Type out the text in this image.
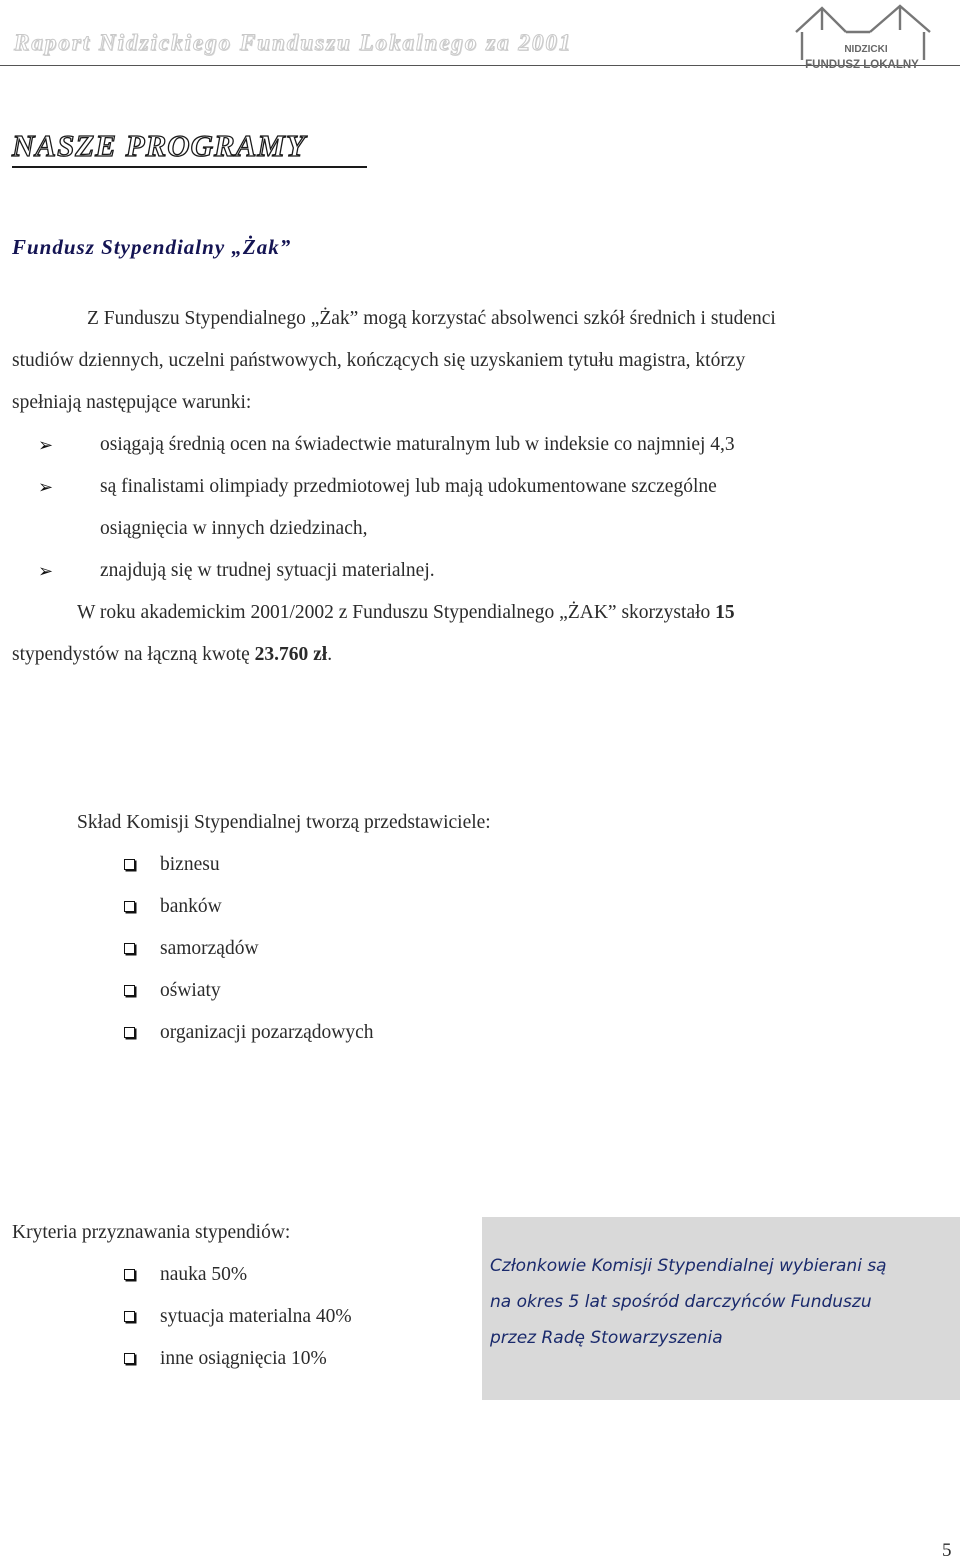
Raport Nidzickiego Funduszu Lokalnego za 2001	NIDZICKI
FUNDUSZ LOKALNY
NASZE PROGRAMY
Fundusz Stypendialny „Żak”
Z Funduszu Stypendialnego „Żak” mogą korzystać absolwenci szkół średnich i studenci
studiów dziennych, uczelni państwowych, kończących się uzyskaniem tytułu magistra, którzy
spełniają następujące warunki:
➢ osiągają średnią ocen na świadectwie maturalnym lub w indeksie co najmniej 4,3
➢ są finalistami olimpiady przedmiotowej lub mają udokumentowane szczególne
osiągnięcia w innych dziedzinach,
➢ znajdują się w trudnej sytuacji materialnej.
W roku akademickim 2001/2002 z Funduszu Stypendialnego „ŻAK” skorzystało 15
stypendystów na łączną kwotę 23.760 zł.
Skład Komisji Stypendialnej tworzą przedstawiciele:
biznesu
banków
samorządów
oświaty
organizacji pozarządowych
Kryteria przyznawania stypendiów:
nauka 50%
sytuacja materialna 40%
inne osiągnięcia 10%
Członkowie Komisji Stypendialnej wybierani są
na okres 5 lat spośród darczyńców Funduszu
przez Radę Stowarzyszenia
5
